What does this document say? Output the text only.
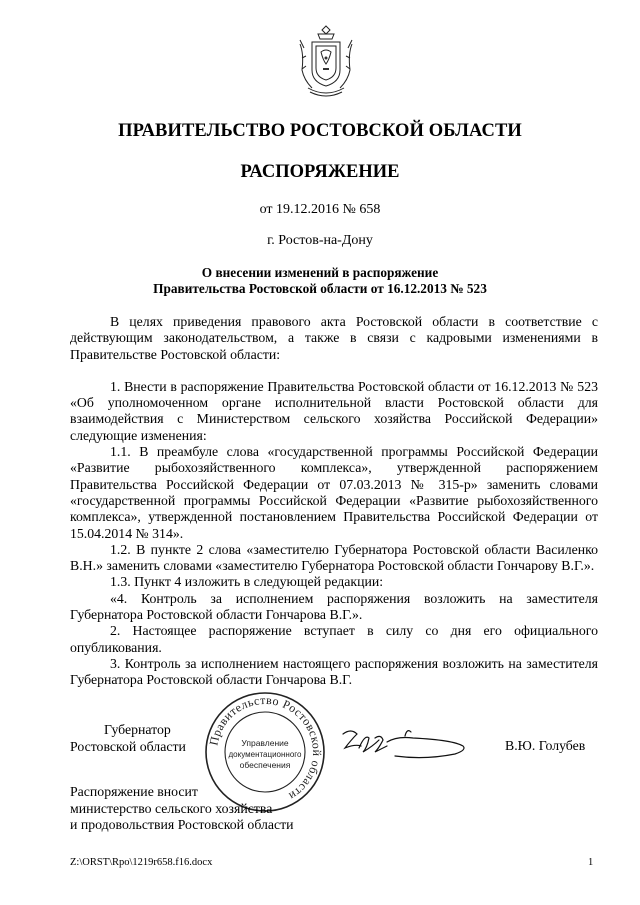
ПРАВИТЕЛЬСТВО РОСТОВСКОЙ ОБЛАСТИ
РАСПОРЯЖЕНИЕ
от 19.12.2016 № 658
г. Ростов-на-Дону
О внесении изменений в распоряжение
Правительства Ростовской области от 16.12.2013 № 523

В целях приведения правового акта Ростовской области в соответствие с действующим законодательством, а также в связи с кадровыми изменениями в Правительстве Ростовской области:

1. Внести в распоряжение Правительства Ростовской области от 16.12.2013 № 523 «Об уполномоченном органе исполнительной власти Ростовской области для взаимодействия с Министерством сельского хозяйства Российской Федерации» следующие изменения:

1.1. В преамбуле слова «государственной программы Российской Федерации «Развитие рыбохозяйственного комплекса», утвержденной распоряжением Правительства Российской Федерации от 07.03.2013 № 315-р» заменить словами «государственной программы Российской Федерации «Развитие рыбохозяйственного комплекса», утвержденной постановлением Правительства Российской Федерации от 15.04.2014 № 314».

1.2. В пункте 2 слова «заместителю Губернатора Ростовской области Василенко В.Н.» заменить словами «заместителю Губернатора Ростовской области Гончарову В.Г.».

1.3. Пункт 4 изложить в следующей редакции:

«4. Контроль за исполнением распоряжения возложить на заместителя Губернатора Ростовской области Гончарова В.Г.».

2. Настоящее распоряжение вступает в силу со дня его официального опубликования.

3. Контроль за исполнением настоящего распоряжения возложить на заместителя Губернатора Ростовской области Гончарова В.Г.

Губернатор
Ростовской области Правительство Ростовской области
Управление
документационного
обеспечения
В.Ю. Голубев
Распоряжение вносит
министерство сельского хозяйства
и продовольствия Ростовской области
Z:\ORST\Rpo\1219r658.f16.docx	1
